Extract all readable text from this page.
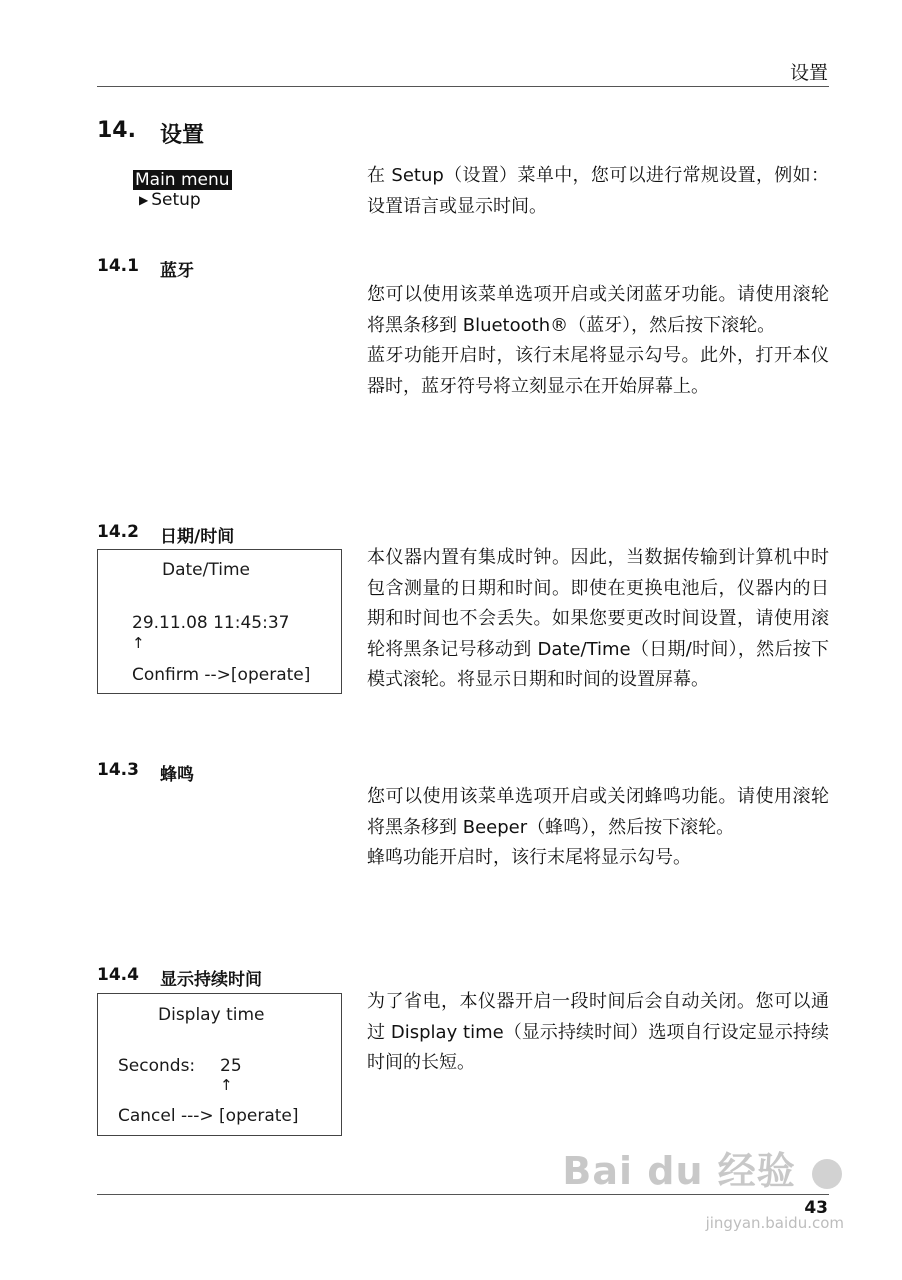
设置
14. 设置
Main menu
▶ Setup

在 Setup（设置）菜单中，您可以进行常规设置，例如：设置语言或显示时间。

14.1 蓝牙

您可以使用该菜单选项开启或关闭蓝牙功能。请使用滚轮将黑条移到 Bluetooth®（蓝牙），然后按下滚轮。

蓝牙功能开启时，该行末尾将显示勾号。此外，打开本仪器时，蓝牙符号将立刻显示在开始屏幕上。

14.2 日期/时间
Date/Time
29.11.08 11:45:37
↑
Confirm -->[operate]

本仪器内置有集成时钟。因此，当数据传输到计算机中时包含测量的日期和时间。即使在更换电池后，仪器内的日期和时间也不会丢失。如果您要更改时间设置，请使用滚轮将黑条记号移动到 Date/Time（日期/时间），然后按下模式滚轮。将显示日期和时间的设置屏幕。

14.3 蜂鸣

您可以使用该菜单选项开启或关闭蜂鸣功能。请使用滚轮将黑条移到 Beeper（蜂鸣），然后按下滚轮。

蜂鸣功能开启时，该行末尾将显示勾号。

14.4 显示持续时间
Display time
Seconds: 25
↑
Cancel ---> [operate]

为了省电，本仪器开启一段时间后会自动关闭。您可以通过 Display time（显示持续时间）选项自行设定显示持续时间的长短。

Bai du 经验
43
jingyan.baidu.com
